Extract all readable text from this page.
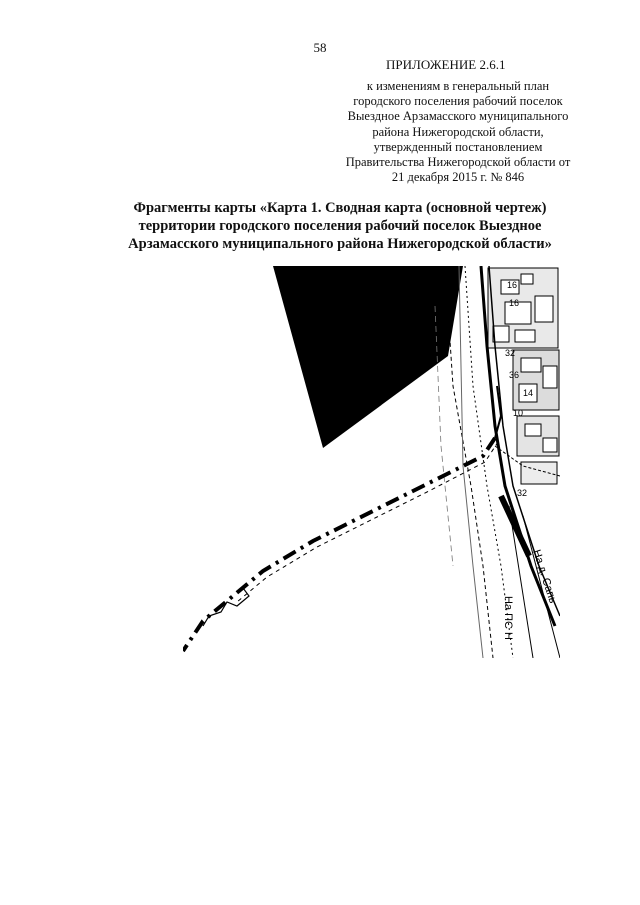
58
ПРИЛОЖЕНИЕ 2.6.1
к изменениям в генеральный план
городского поселения рабочий поселок
Выездное Арзамасского муниципального
района Нижегородской области,
утвержденный постановлением
Правительства Нижегородской области от
21 декабря 2015 г. № 846
Фрагменты карты «Карта 1. Сводная карта (основной чертеж)
территории городского поселения рабочий поселок Выездное
Арзамасского муниципального района Нижегородской области»
16
16
32
36
14
10
32
На д. Сапь
На ПС Н
